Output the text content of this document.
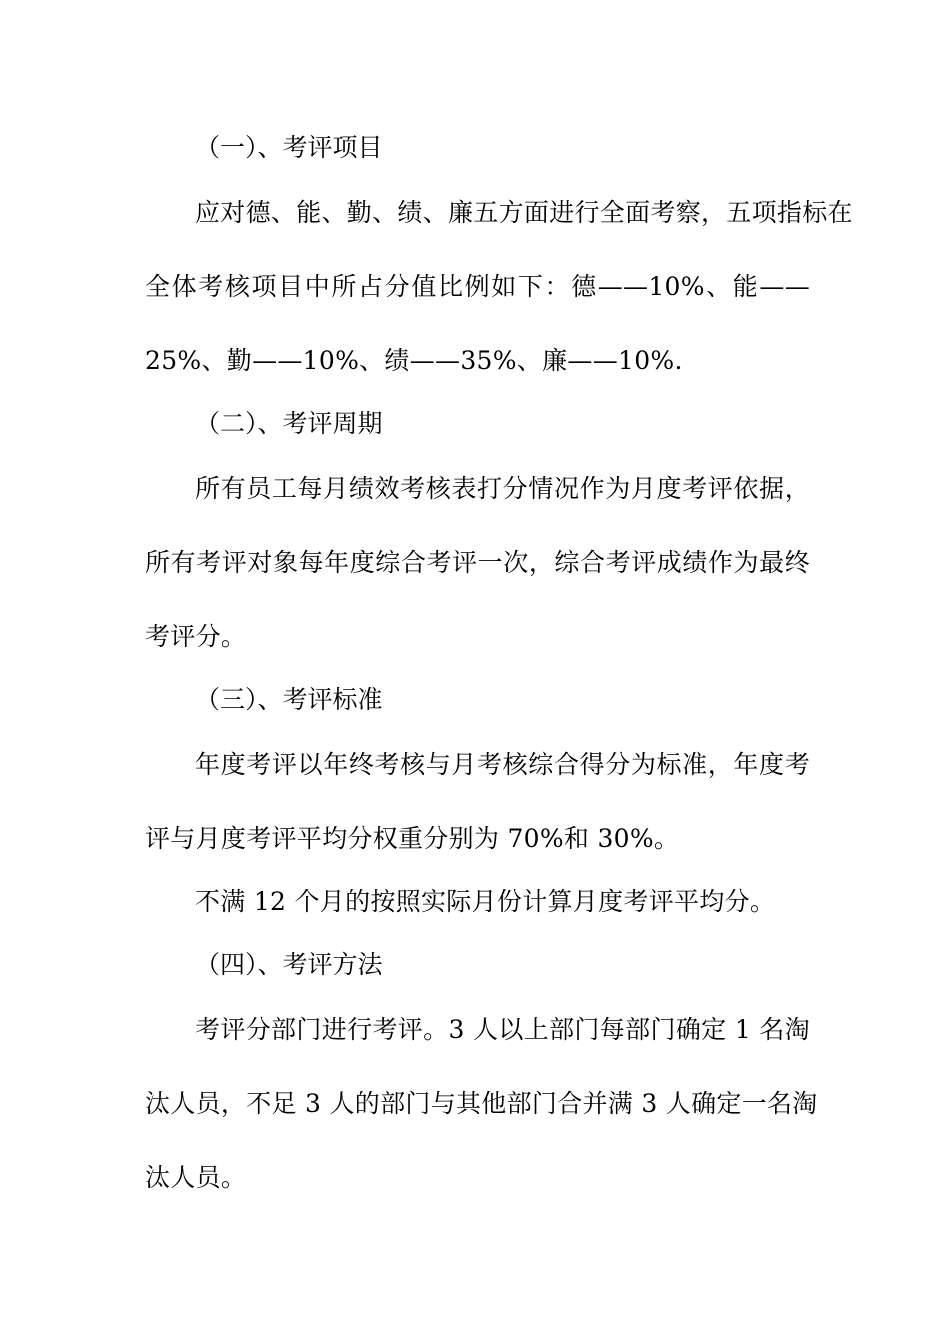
（一）、考评项目
应对德、能、勤、绩、廉五方面进行全面考察，五项指标在
全体考核项目中所占分值比例如下：德——10%、能——
25%、勤——10%、绩——35%、廉——10%.
（二）、考评周期
所有员工每月绩效考核表打分情况作为月度考评依据，
所有考评对象每年度综合考评一次，综合考评成绩作为最终
考评分。
（三）、考评标准
年度考评以年终考核与月考核综合得分为标准，年度考
评与月度考评平均分权重分别为 70%和 30%。
不满 12 个月的按照实际月份计算月度考评平均分。
（四）、考评方法
考评分部门进行考评。3 人以上部门每部门确定 1 名淘
汰人员，不足 3 人的部门与其他部门合并满 3 人确定一名淘
汰人员。
